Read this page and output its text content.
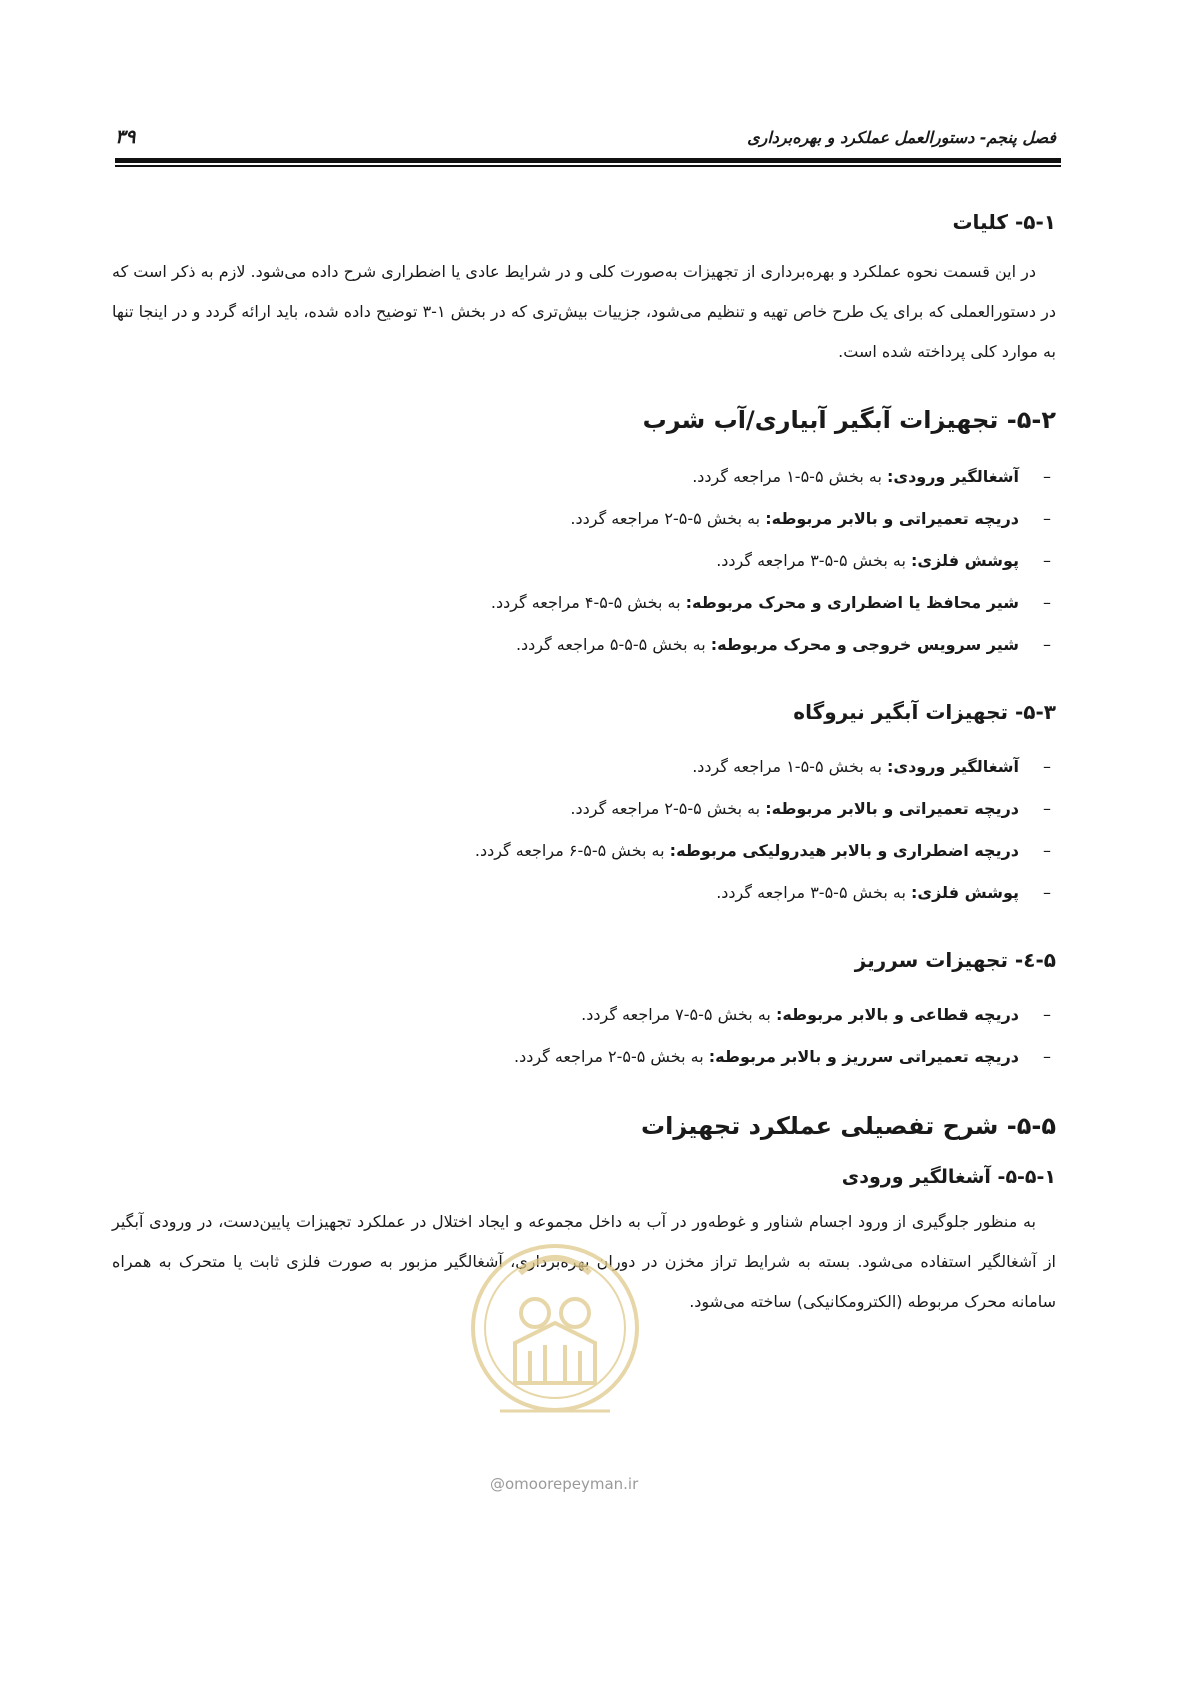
فصل پنجم- دستورالعمل عملکرد و بهره‌برداری
۳۹
۵-۱- کلیات

در این قسمت نحوه عملکرد و بهره‌برداری از تجهیزات به‌صورت کلی و در شرایط عادی یا اضطراری شرح داده می‌شود. لازم به ذکر است که در دستورالعملی که برای یک طرح خاص تهیه و تنظیم می‌شود، جزییات بیش‌تری که در بخش ۱-۳ توضیح داده شده، باید ارائه گردد و در اینجا تنها به موارد کلی پرداخته شده است.

۵-۲- تجهیزات آبگیر آبیاری/آب شرب
–آشغالگیر ورودی: به بخش ۵-۵-۱ مراجعه گردد.
–دریچه تعمیراتی و بالابر مربوطه: به بخش ۵-۵-۲ مراجعه گردد.
–پوشش فلزی: به بخش ۵-۵-۳ مراجعه گردد.
–شیر محافظ یا اضطراری و محرک مربوطه: به بخش ۵-۵-۴ مراجعه گردد.
–شیر سرویس خروجی و محرک مربوطه: به بخش ۵-۵-۵ مراجعه گردد.
۵-۳- تجهیزات آبگیر نیروگاه
–آشغالگیر ورودی: به بخش ۵-۵-۱ مراجعه گردد.
–دریچه تعمیراتی و بالابر مربوطه: به بخش ۵-۵-۲ مراجعه گردد.
–دریچه اضطراری و بالابر هیدرولیکی مربوطه: به بخش ۵-۵-۶ مراجعه گردد.
–پوشش فلزی: به بخش ۵-۵-۳ مراجعه گردد.
۵-٤- تجهیزات سرریز
–دریچه قطاعی و بالابر مربوطه: به بخش ۵-۵-۷ مراجعه گردد.
–دریچه تعمیراتی سرریز و بالابر مربوطه: به بخش ۵-۵-۲ مراجعه گردد.
۵-۵- شرح تفصیلی عملکرد تجهیزات
۵-۵-۱- آشغالگیر ورودی

به منظور جلوگیری از ورود اجسام شناور و غوطه‌ور در آب به داخل مجموعه و ایجاد اختلال در عملکرد تجهیزات پایین‌دست، در ورودی آبگیر از آشغالگیر استفاده می‌شود. بسته به شرایط تراز مخزن در دوران بهره‌برداری، آشغالگیر مزبور به صورت فلزی ثابت یا متحرک به همراه سامانه محرک مربوطه (الکترومکانیکی) ساخته می‌شود.

@omoorepeyman.ir
